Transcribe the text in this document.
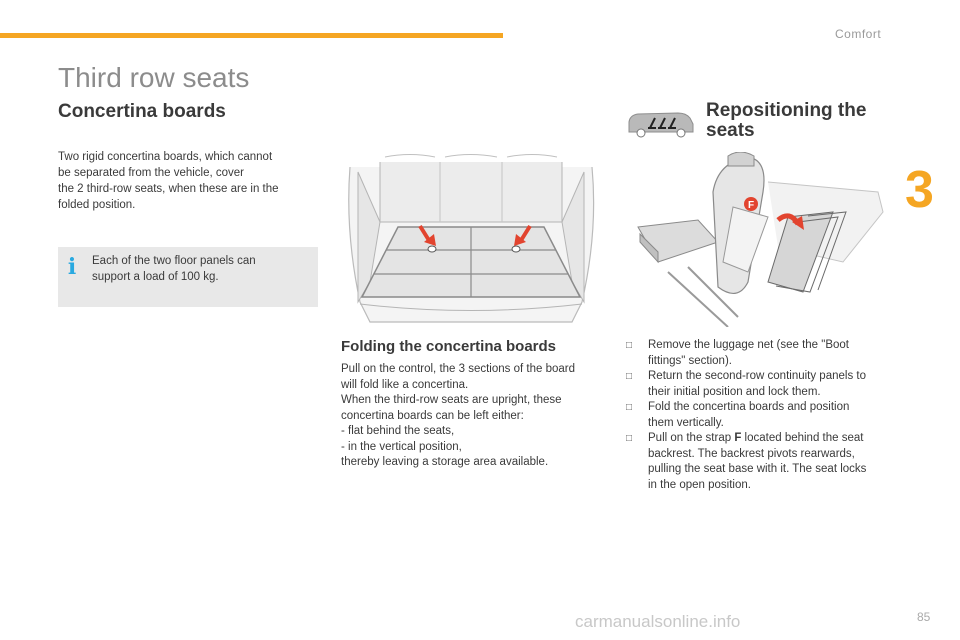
Comfort
3
Third row seats
Concertina boards

Two rigid concertina boards, which cannot
be separated from the vehicle, cover
the 2 third-row seats, when these are in the
folded position.

i Each of the two floor panels can
support a load of 100 kg.
Folding the concertina boards
Pull on the control, the 3 sections of the board
will fold like a concertina.
When the third-row seats are upright, these
concertina boards can be left either:
- flat behind the seats,
- in the vertical position,
thereby leaving a storage area available.
Repositioning the seats
F
□ Remove the luggage net (see the "Boot
fittings" section).
□ Return the second-row continuity panels to
their initial position and lock them.
□ Fold the concertina boards and position
them vertically.
□ Pull on the strap F located behind the seat
backrest. The backrest pivots rearwards,
pulling the seat base with it. The seat locks
in the open position.
carmanualsonline.info	85
